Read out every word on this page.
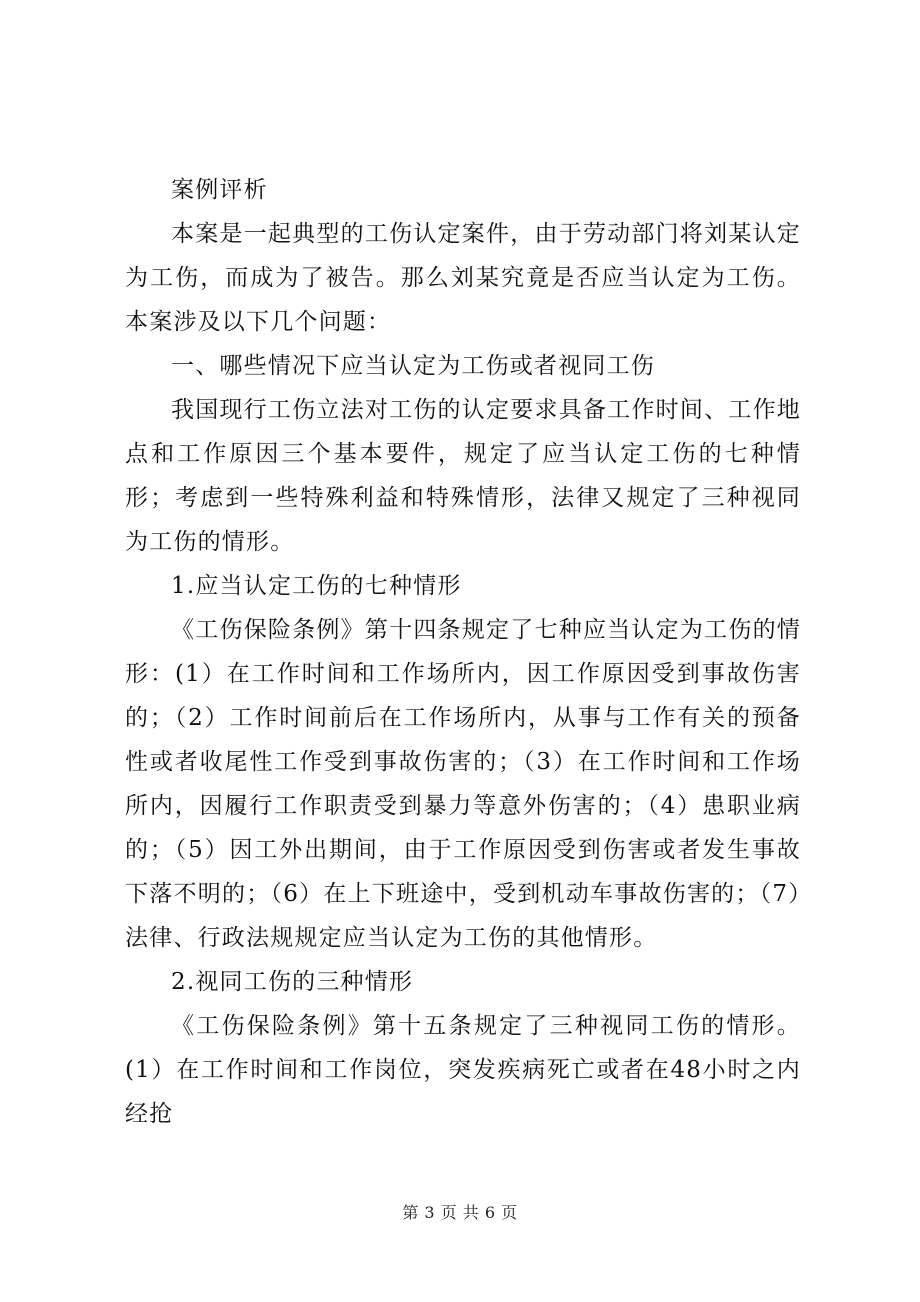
案例评析

本案是一起典型的工伤认定案件，由于劳动部门将刘某认定为工伤，而成为了被告。那么刘某究竟是否应当认定为工伤。本案涉及以下几个问题：

一、哪些情况下应当认定为工伤或者视同工伤

我国现行工伤立法对工伤的认定要求具备工作时间、工作地点和工作原因三个基本要件，规定了应当认定工伤的七种情形；考虑到一些特殊利益和特殊情形，法律又规定了三种视同为工伤的情形。

1.应当认定工伤的七种情形

《工伤保险条例》第十四条规定了七种应当认定为工伤的情形：(1）在工作时间和工作场所内，因工作原因受到事故伤害的；（2）工作时间前后在工作场所内，从事与工作有关的预备性或者收尾性工作受到事故伤害的；（3）在工作时间和工作场所内，因履行工作职责受到暴力等意外伤害的；（4）患职业病的；（5）因工外出期间，由于工作原因受到伤害或者发生事故下落不明的；（6）在上下班途中，受到机动车事故伤害的；（7）法律、行政法规规定应当认定为工伤的其他情形。

2.视同工伤的三种情形

《工伤保险条例》第十五条规定了三种视同工伤的情形。(1）在工作时间和工作岗位，突发疾病死亡或者在48小时之内经抢

第 3 页 共 6 页
